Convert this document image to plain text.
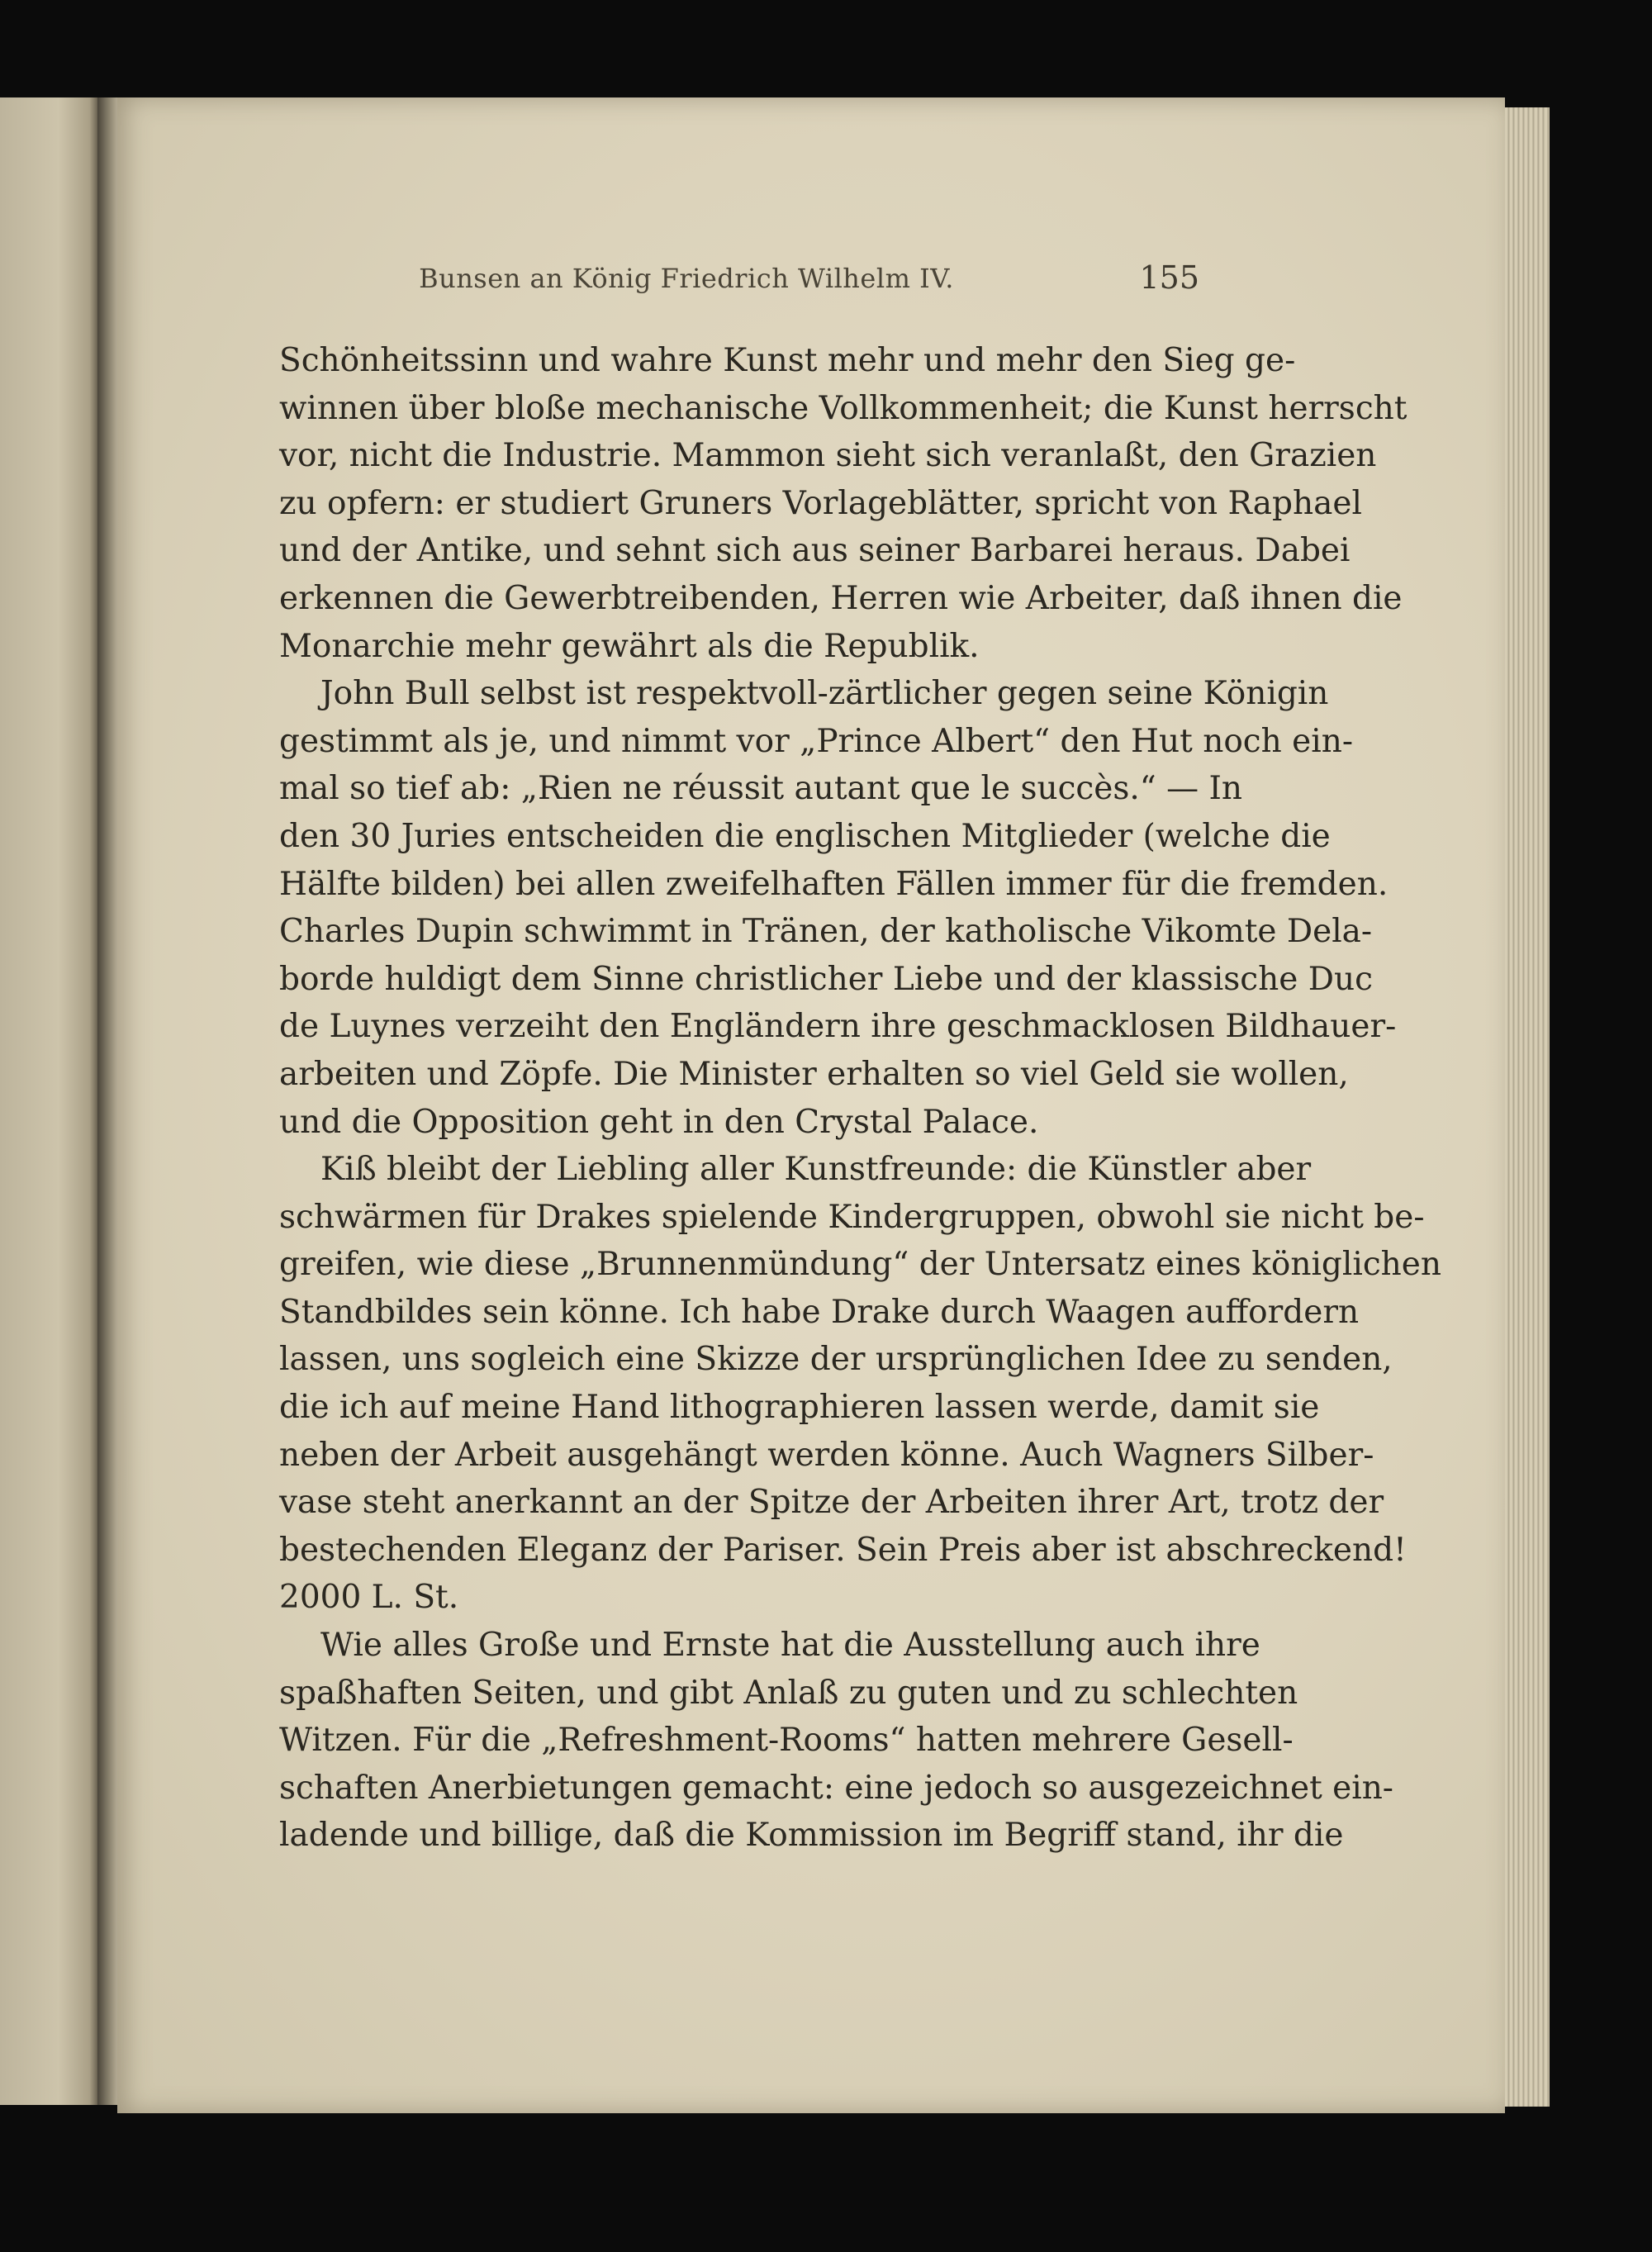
Bunsen an König Friedrich Wilhelm IV.	155
Schönheitssinn und wahre Kunst mehr und mehr den Sieg ge-
winnen über bloße mechanische Vollkommenheit; die Kunst herrscht
vor, nicht die Industrie. Mammon sieht sich veranlaßt, den Grazien
zu opfern: er studiert Gruners Vorlageblätter, spricht von Raphael
und der Antike, und sehnt sich aus seiner Barbarei heraus. Dabei
erkennen die Gewerbtreibenden, Herren wie Arbeiter, daß ihnen die
Monarchie mehr gewährt als die Republik.
John Bull selbst ist respektvoll-zärtlicher gegen seine Königin
gestimmt als je, und nimmt vor „Prince Albert“ den Hut noch ein-
mal so tief ab: „Rien ne réussit autant que le succès.“ — In
den 30 Juries entscheiden die englischen Mitglieder (welche die
Hälfte bilden) bei allen zweifelhaften Fällen immer für die fremden.
Charles Dupin schwimmt in Tränen, der katholische Vikomte Dela-
borde huldigt dem Sinne christlicher Liebe und der klassische Duc
de Luynes verzeiht den Engländern ihre geschmacklosen Bildhauer-
arbeiten und Zöpfe. Die Minister erhalten so viel Geld sie wollen,
und die Opposition geht in den Crystal Palace.
Kiß bleibt der Liebling aller Kunstfreunde: die Künstler aber
schwärmen für Drakes spielende Kindergruppen, obwohl sie nicht be-
greifen, wie diese „Brunnenmündung“ der Untersatz eines königlichen
Standbildes sein könne. Ich habe Drake durch Waagen auffordern
lassen, uns sogleich eine Skizze der ursprünglichen Idee zu senden,
die ich auf meine Hand lithographieren lassen werde, damit sie
neben der Arbeit ausgehängt werden könne. Auch Wagners Silber-
vase steht anerkannt an der Spitze der Arbeiten ihrer Art, trotz der
bestechenden Eleganz der Pariser. Sein Preis aber ist abschreckend!
2000 L. St.
Wie alles Große und Ernste hat die Ausstellung auch ihre
spaßhaften Seiten, und gibt Anlaß zu guten und zu schlechten
Witzen. Für die „Refreshment-Rooms“ hatten mehrere Gesell-
schaften Anerbietungen gemacht: eine jedoch so ausgezeichnet ein-
ladende und billige, daß die Kommission im Begriff stand, ihr die
